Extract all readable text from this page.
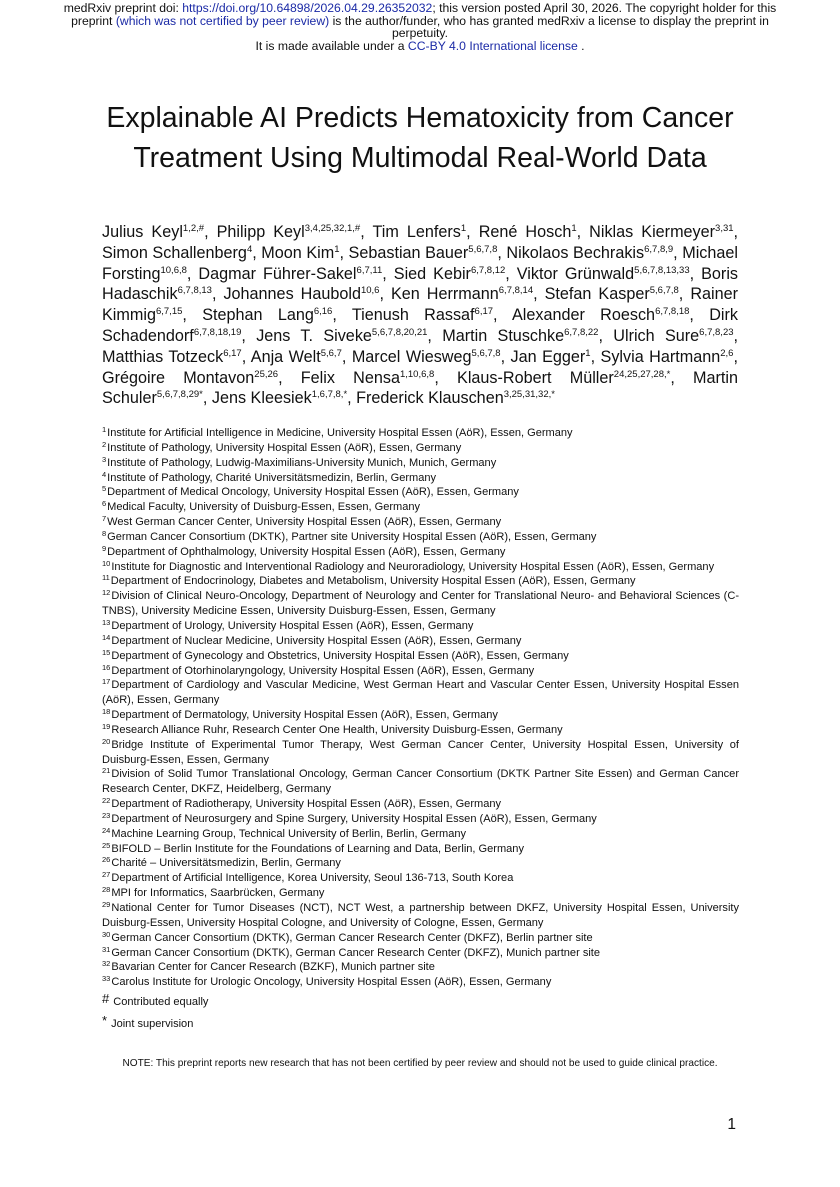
medRxiv preprint doi: https://doi.org/10.64898/2026.04.29.26352032; this version posted April 30, 2026. The copyright holder for this
preprint (which was not certified by peer review) is the author/funder, who has granted medRxiv a license to display the preprint in
perpetuity.
It is made available under a CC-BY 4.0 International license .
Explainable AI Predicts Hematoxicity from Cancer Treatment Using Multimodal Real-World Data
Julius Keyl$^{1,2,\#}$, Philipp Keyl$^{3,4,25,32,1,\#}$, Tim Lenfers$^1$, René Hosch$^1$, Niklas Kiermeyer$^{3,31}$, Simon Schallenberg$^4$, Moon Kim$^1$, Sebastian Bauer$^{5,6,7,8}$, Nikolaos Bechrakis$^{6,7,8,9}$, Michael Forsting$^{10,6,8}$, Dagmar Führer-Sakel$^{6,7,11}$, Sied Kebir$^{6,7,8,12}$, Viktor Grünwald$^{5,6,7,8,13,33}$, Boris Hadaschik$^{6,7,8,13}$, Johannes Haubold$^{10,6}$, Ken Herrmann$^{6,7,8,14}$, Stefan Kasper$^{5,6,7,8}$, Rainer Kimmig$^{6,7,15}$, Stephan Lang$^{6,16}$, Tienush Rassaf$^{6,17}$, Alexander Roesch$^{6,7,8,18}$, Dirk Schadendorf$^{6,7,8,18,19}$, Jens T. Siveke$^{5,6,7,8,20,21}$, Martin Stuschke$^{6,7,8,22}$, Ulrich Sure$^{6,7,8,23}$, Matthias Totzeck$^{6,17}$, Anja Welt$^{5,6,7}$, Marcel Wiesweg$^{5,6,7,8}$, Jan Egger$^1$, Sylvia Hartmann$^{2,6}$, Grégoire Montavon$^{25,26}$, Felix Nensa$^{1,10,6,8}$, Klaus-Robert Müller$^{24,25,27,28,*}$, Martin Schuler$^{5,6,7,8,29*}$, Jens Kleesiek$^{1,6,7,8,*}$, Frederick Klauschen$^{3,25,31,32,*}$
$^1$Institute for Artificial Intelligence in Medicine, University Hospital Essen (AöR), Essen, Germany
$^2$Institute of Pathology, University Hospital Essen (AöR), Essen, Germany
$^3$Institute of Pathology, Ludwig-Maximilians-University Munich, Munich, Germany
$^4$Institute of Pathology, Charité Universitätsmedizin, Berlin, Germany
$^5$Department of Medical Oncology, University Hospital Essen (AöR), Essen, Germany
$^6$Medical Faculty, University of Duisburg-Essen, Essen, Germany
$^7$West German Cancer Center, University Hospital Essen (AöR), Essen, Germany
$^8$German Cancer Consortium (DKTK), Partner site University Hospital Essen (AöR), Essen, Germany
$^9$Department of Ophthalmology, University Hospital Essen (AöR), Essen, Germany
$^{10}$Institute for Diagnostic and Interventional Radiology and Neuroradiology, University Hospital Essen (AöR), Essen, Germany
$^{11}$Department of Endocrinology, Diabetes and Metabolism, University Hospital Essen (AöR), Essen, Germany
$^{12}$Division of Clinical Neuro-Oncology, Department of Neurology and Center for Translational Neuro- and Behavioral Sciences (C-TNBS), University Medicine Essen, University Duisburg-Essen, Essen, Germany
$^{13}$Department of Urology, University Hospital Essen (AöR), Essen, Germany
$^{14}$Department of Nuclear Medicine, University Hospital Essen (AöR), Essen, Germany
$^{15}$Department of Gynecology and Obstetrics, University Hospital Essen (AöR), Essen, Germany
$^{16}$Department of Otorhinolaryngology, University Hospital Essen (AöR), Essen, Germany
$^{17}$Department of Cardiology and Vascular Medicine, West German Heart and Vascular Center Essen, University Hospital Essen (AöR), Essen, Germany
$^{18}$Department of Dermatology, University Hospital Essen (AöR), Essen, Germany
$^{19}$Research Alliance Ruhr, Research Center One Health, University Duisburg-Essen, Germany
$^{20}$Bridge Institute of Experimental Tumor Therapy, West German Cancer Center, University Hospital Essen, University of Duisburg-Essen, Essen, Germany
$^{21}$Division of Solid Tumor Translational Oncology, German Cancer Consortium (DKTK Partner Site Essen) and German Cancer Research Center, DKFZ, Heidelberg, Germany
$^{22}$Department of Radiotherapy, University Hospital Essen (AöR), Essen, Germany
$^{23}$Department of Neurosurgery and Spine Surgery, University Hospital Essen (AöR), Essen, Germany
$^{24}$Machine Learning Group, Technical University of Berlin, Berlin, Germany
$^{25}$BIFOLD – Berlin Institute for the Foundations of Learning and Data, Berlin, Germany
$^{26}$Charité – Universitätsmedizin, Berlin, Germany
$^{27}$Department of Artificial Intelligence, Korea University, Seoul 136-713, South Korea
$^{28}$MPI for Informatics, Saarbrücken, Germany
$^{29}$National Center for Tumor Diseases (NCT), NCT West, a partnership between DKFZ, University Hospital Essen, University Duisburg-Essen, University Hospital Cologne, and University of Cologne, Essen, Germany
$^{30}$German Cancer Consortium (DKTK), German Cancer Research Center (DKFZ), Berlin partner site
$^{31}$German Cancer Consortium (DKTK), German Cancer Research Center (DKFZ), Munich partner site
$^{32}$Bavarian Center for Cancer Research (BZKF), Munich partner site
$^{33}$Carolus Institute for Urologic Oncology, University Hospital Essen (AöR), Essen, Germany
# Contributed equally
* Joint supervision
NOTE: This preprint reports new research that has not been certified by peer review and should not be used to guide clinical practice.
1
